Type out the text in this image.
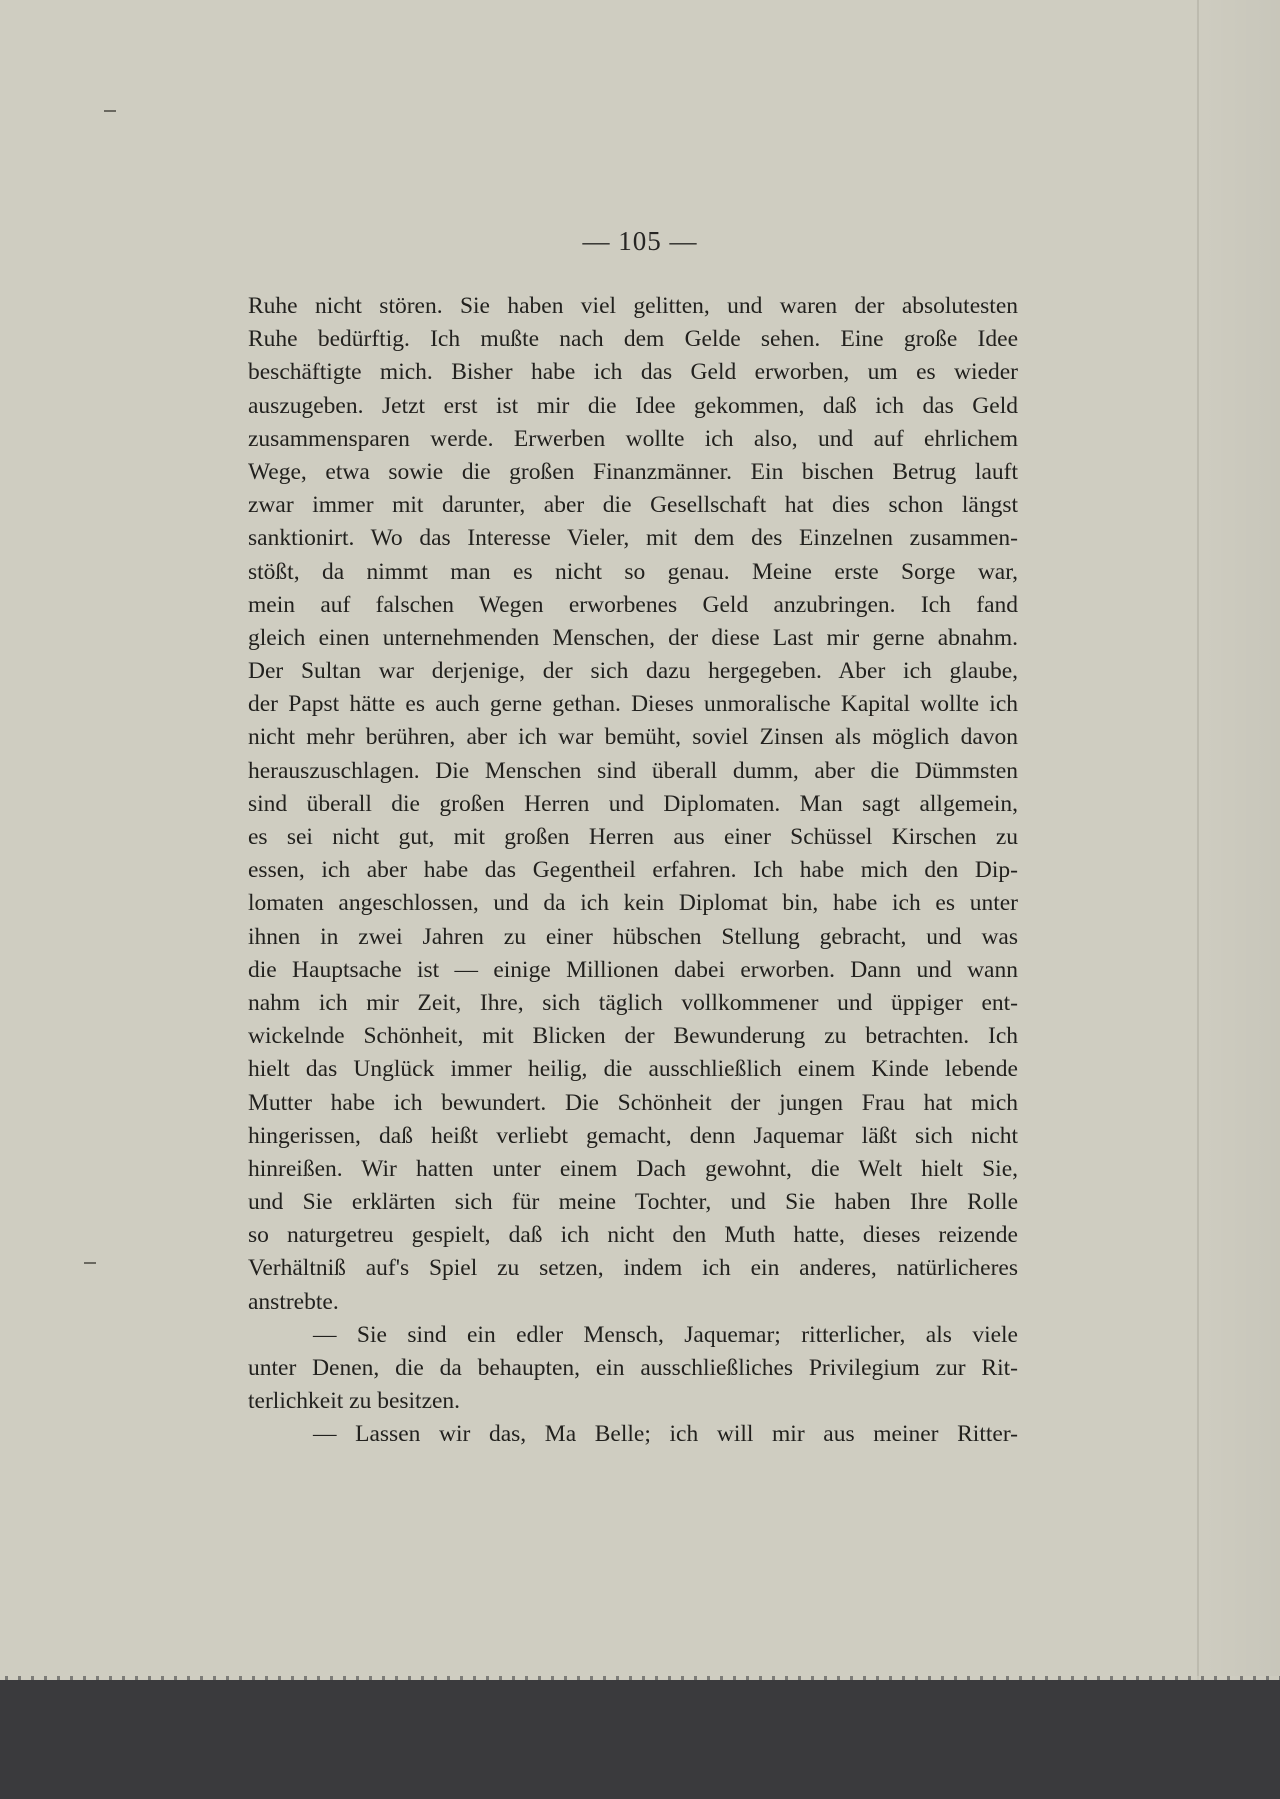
— 105 —
Ruhe nicht stören. Sie haben viel gelitten, und waren der absolutesten
Ruhe bedürftig. Ich mußte nach dem Gelde sehen. Eine große Idee
beschäftigte mich. Bisher habe ich das Geld erworben, um es wieder
auszugeben. Jetzt erst ist mir die Idee gekommen, daß ich das Geld
zusammensparen werde. Erwerben wollte ich also, und auf ehrlichem
Wege, etwa sowie die großen Finanzmänner. Ein bischen Betrug lauft
zwar immer mit darunter, aber die Gesellschaft hat dies schon längst
sanktionirt. Wo das Interesse Vieler, mit dem des Einzelnen zusammen-
stößt, da nimmt man es nicht so genau. Meine erste Sorge war,
mein auf falschen Wegen erworbenes Geld anzubringen. Ich fand
gleich einen unternehmenden Menschen, der diese Last mir gerne abnahm.
Der Sultan war derjenige, der sich dazu hergegeben. Aber ich glaube,
der Papst hätte es auch gerne gethan. Dieses unmoralische Kapital wollte ich
nicht mehr berühren, aber ich war bemüht, soviel Zinsen als möglich davon
herauszuschlagen. Die Menschen sind überall dumm, aber die Dümmsten
sind überall die großen Herren und Diplomaten. Man sagt allgemein,
es sei nicht gut, mit großen Herren aus einer Schüssel Kirschen zu
essen, ich aber habe das Gegentheil erfahren. Ich habe mich den Dip-
lomaten angeschlossen, und da ich kein Diplomat bin, habe ich es unter
ihnen in zwei Jahren zu einer hübschen Stellung gebracht, und was
die Hauptsache ist — einige Millionen dabei erworben. Dann und wann
nahm ich mir Zeit, Ihre, sich täglich vollkommener und üppiger ent-
wickelnde Schönheit, mit Blicken der Bewunderung zu betrachten. Ich
hielt das Unglück immer heilig, die ausschließlich einem Kinde lebende
Mutter habe ich bewundert. Die Schönheit der jungen Frau hat mich
hingerissen, daß heißt verliebt gemacht, denn Jaquemar läßt sich nicht
hinreißen. Wir hatten unter einem Dach gewohnt, die Welt hielt Sie,
und Sie erklärten sich für meine Tochter, und Sie haben Ihre Rolle
so naturgetreu gespielt, daß ich nicht den Muth hatte, dieses reizende
Verhältniß auf's Spiel zu setzen, indem ich ein anderes, natürlicheres
anstrebte.
— Sie sind ein edler Mensch, Jaquemar; ritterlicher, als viele
unter Denen, die da behaupten, ein ausschließliches Privilegium zur Rit-
terlichkeit zu besitzen.
— Lassen wir das, Ma Belle; ich will mir aus meiner Ritter-
